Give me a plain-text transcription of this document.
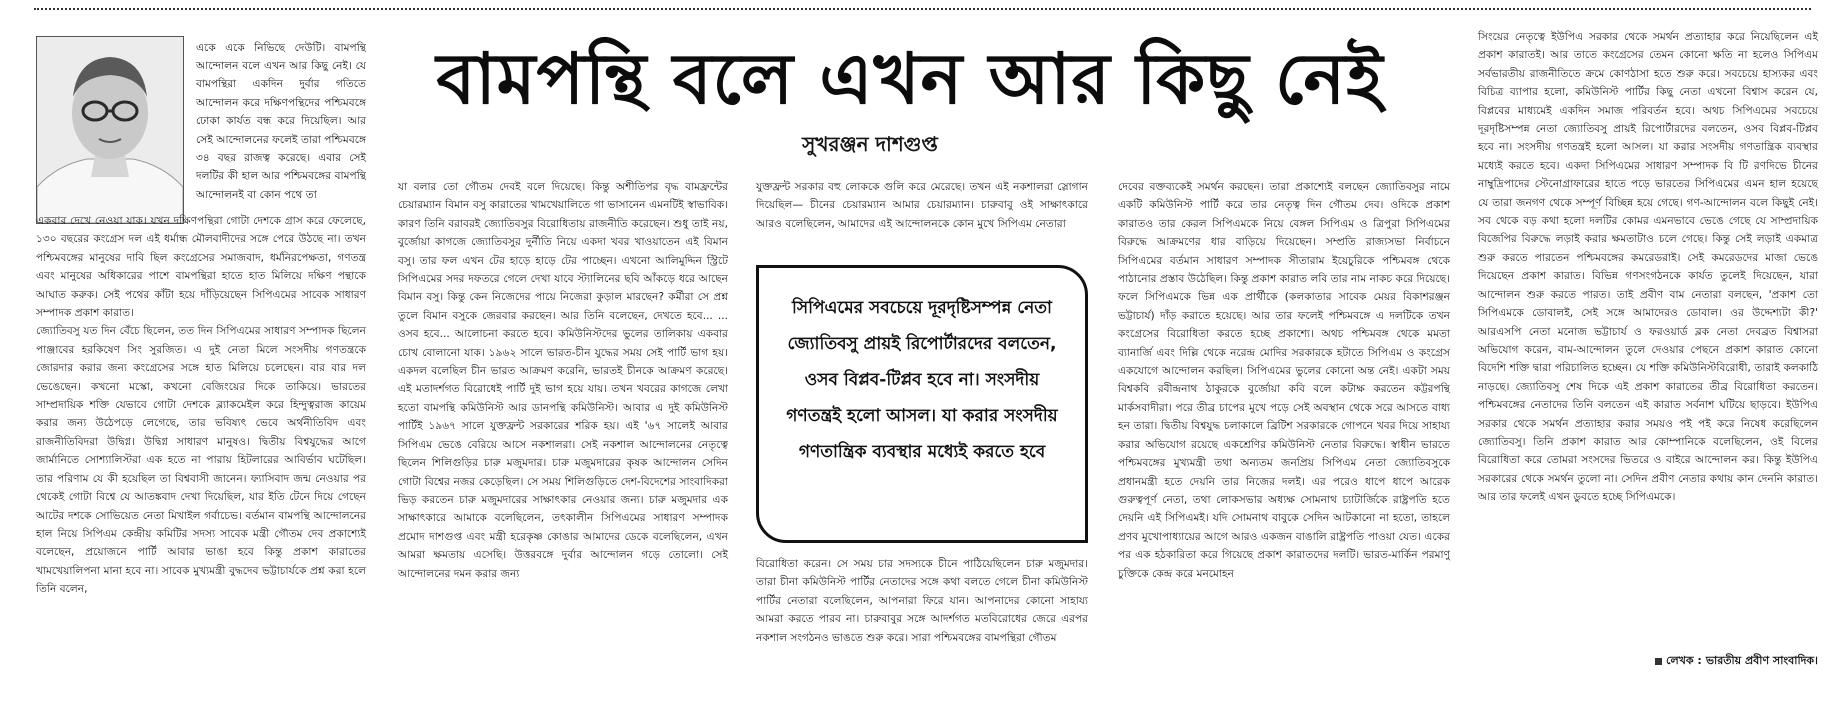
একে একে নিভিছে দেউটি। বামপন্থি আন্দোলন বলে এখন আর কিছু নেই। যে বামপন্থিরা একদিন দুর্বার গতিতে আন্দোলন করে দক্ষিণপন্থিদের পশ্চিমবঙ্গে ঢোকা কার্যত বন্ধ করে দিয়েছিল। আর সেই আন্দোলনের ফলেই তারা পশ্চিমবঙ্গে ৩৪ বছর রাজত্ব করেছে। এবার সেই দলটির কী হাল আর পশ্চিমবঙ্গের বামপন্থি আন্দোলনই বা কোন পথে তা

বামপন্থি বলে এখন আর কিছু নেই
সুখরঞ্জন দাশগুপ্ত

একবার দেখে নেওয়া যাক। যখন দক্ষিণপন্থিরা গোটা দেশকে গ্রাস করে ফেলেছে, ১৩০ বছরের কংগ্রেস দল এই ধর্মান্ধ মৌলবাদীদের সঙ্গে পেরে উঠছে না। তখন পশ্চিমবঙ্গের মানুষের দাবি ছিল কংগ্রেসের সমাজবাদ, ধর্মনিরপেক্ষতা, গণতন্ত্র এবং মানুষের অধিকারের পাশে বামপন্থিরা হাতে হাত মিলিয়ে দক্ষিণ পন্থাকে আঘাত করুক। সেই পথের কাঁটা হয়ে দাঁড়িয়েছেন সিপিএমের সাবেক সাধারণ সম্পাদক প্রকাশ কারাত।

জ্যোতিবসু যত দিন বেঁচে ছিলেন, তত দিন সিপিএমের সাধারণ সম্পাদক ছিলেন পাঞ্জাবের হরকিষেণ সিং সুরজিত। এ দুই নেতা মিলে সংসদীয় গণতন্ত্রকে জোরদার করার জন্য কংগ্রেসের সঙ্গে হাত মিলিয়ে চলেছেন। বার বার দল ভেঙেছেন। কখনো মস্কো, কখনো বেজিংয়ের দিকে তাকিয়ে। ভারতের সাম্প্রদায়িক শক্তি যেভাবে গোটা দেশকে ব্ল্যাকমেইল করে হিন্দুত্বরাজ কায়েম করার জন্য উঠেপড়ে লেগেছে, তার ভবিষ্যৎ ভেবে অর্থনীতিবিদ এবং রাজনীতিবিদরা উদ্বিগ্ন। উদ্বিগ্ন সাধারণ মানুষও। দ্বিতীয় বিশ্বযুদ্ধের আগে জার্মানিতে সোশ্যালিস্টরা এক হতে না পারায় হিটলারের আবির্ভাব ঘটেছিল। তার পরিণাম যে কী হয়েছিল তা বিশ্ববাসী জানেন। ফ্যাসিবাদ জন্ম নেওয়ার পর থেকেই গোটা বিশ্বে যে আতঙ্কবাদ দেখা দিয়েছিল, যার ইতি টেনে দিয়ে গেছেন আটের দশকে সোভিয়েত নেতা মিখাইল গর্বাচেভ। বর্তমান বামপন্থি আন্দোলনের হাল নিয়ে সিপিএম কেন্দ্রীয় কমিটির সদস্য সাবেক মন্ত্রী গৌতম দেব প্রকাশ্যেই বলেছেন, প্রয়োজনে পার্টি আবার ভাঙা হবে কিন্তু প্রকাশ কারাতের খামখেয়ালিপনা মানা হবে না। সাবেক মুখ্যমন্ত্রী বুদ্ধদেব ভট্টাচার্যকে প্রশ্ন করা হলে তিনি বলেন,

যা বলার তো গৌতম দেবই বলে দিয়েছে। কিন্তু অশীতিপর বৃদ্ধ বামফ্রন্টের চেয়ারম্যান বিমান বসু কারাতের খামখেয়ালিতে গা ভাসানেন এমনটিই স্বাভাবিক। কারণ তিনি বরাবরই জ্যোতিবসুর বিরোধিতায় রাজনীতি করেছেন। শুধু তাই নয়, বুর্জোয়া কাগজে জ্যোতিবসুর দুর্নীতি নিয়ে একদা খবর খাওয়াতেন এই বিমান বসু। তার ফল এখন টের হাড়ে হাড়ে টের পাচ্ছেন। এখনো আলিমুদ্দিন স্ট্রিটে সিপিএমের সদর দফতরে গেলে দেখা যাবে স্ট্যালিনের ছবি আঁকড়ে ধরে আছেন বিমান বসু। কিন্তু কেন নিজেদের পায়ে নিজেরা কুড়াল মারছেন? কর্মীরা সে প্রশ্ন তুলে বিমান বসুকে জেরবার করছেন। আর তিনি বলেছেন, দেখতে হবে... ... ওসব হবে... আলোচনা করতে হবে। কমিউনিস্টদের ভুলের তালিকায় একবার চোখ বোলানো যাক। ১৯৬২ সালে ভারত-চীন যুদ্ধের সময় সেই পার্টি ভাগ হয়। একদল বলেছিল চীন ভারত আক্রমণ করেনি, ভারতই চীনকে আক্রমণ করেছে। এই মতাদর্শগত বিরোধেই পার্টি দুই ভাগ হয়ে যায়। তখন খবরের কাগজে লেখা হতো বামপন্থি কমিউনিস্ট আর ডানপন্থি কমিউনিস্ট। আবার এ দুই কমিউনিস্ট পার্টিই ১৯৬৭ সালে যুক্তফ্রন্ট সরকারের শরিক হয়। এই '৬৭ সালেই আবার সিপিএম ভেঙে বেরিয়ে আসে নকশালরা। সেই নকশাল আন্দোলনের নেতৃত্বে ছিলেন শিলিগুড়ির চারু মজুমদার। চারু মজুমদারের কৃষক আন্দোলন সেদিন গোটা বিশ্বের নজর কেড়েছিল। সে সময় শিলিগুড়িতে দেশ-বিদেশের সাংবাদিকরা ভিড় করতেন চারু মজুমদারের সাক্ষাৎকার নেওয়ার জন্য। চারু মজুমদার এক সাক্ষাৎকারে আমাকে বলেছিলেন, তৎকালীন সিপিএমের সাধারণ সম্পাদক প্রমোদ দাশগুপ্ত এবং মন্ত্রী হরেকৃষ্ণ কোঙার আমাদের ডেকে বলেছিলেন, এখন আমরা ক্ষমতায় এসেছি। উত্তরবঙ্গে দুর্বার আন্দোলন গড়ে তোলো। সেই আন্দোলনের দমন করার জন্য

যুক্তফ্রন্ট সরকার বহু লোককে গুলি করে মেরেছে। তখন এই নকশালরা স্লোগান দিয়েছিল— চীনের চেয়ারম্যান আমার চেয়ারম্যান। চারুবাবু ওই সাক্ষাৎকারে আরও বলেছিলেন, আমাদের এই আন্দোলনকে কোন মুখে সিপিএম নেতারা

সিপিএমের সবচেয়ে দূরদৃষ্টিসম্পন্ন নেতা জ্যোতিবসু প্রায়ই রিপোর্টারদের বলতেন, ওসব বিপ্লব-টিপ্লব হবে না। সংসদীয় গণতন্ত্রই হলো আসল। যা করার সংসদীয় গণতান্ত্রিক ব্যবস্থার মধ্যেই করতে হবে

বিরোধিতা করেন। সে সময় চার সদস্যকে চীনে পাঠিয়েছিলেন চারু মজুমদার। তারা চীনা কমিউনিস্ট পার্টির নেতাদের সঙ্গে কথা বলতে গেলে চীনা কমিউনিস্ট পার্টির নেতারা বলেছিলেন, আপনারা ফিরে যান। আপনাদের কোনো সাহায্য আমরা করতে পারব না। চারুবাবুর সঙ্গে আদর্শগত মতবিরোধের জেরে এরপর নকশাল সংগঠনও ভাঙতে শুরু করে। সারা পশ্চিমবঙ্গের বামপন্থিরা গৌতম

দেবের বক্তব্যকেই সমর্থন করছেন। তারা প্রকাশ্যেই বলছেন জ্যোতিবসুর নামে একটি কমিউনিস্ট পার্টি করে তার নেতৃত্ব দিন গৌতম দেব। ওদিকে প্রকাশ কারাতও তার কেরল সিপিএমকে নিয়ে বেঙ্গল সিপিএম ও ত্রিপুরা সিপিএমের বিরুদ্ধে আক্রমণের ধার বাড়িয়ে দিয়েছেন। সম্প্রতি রাজ্যসভা নির্বাচনে সিপিএমের বর্তমান সাধারণ সম্পাদক সীতারাম ইয়েচুরিকে পশ্চিমবঙ্গ থেকে পাঠানোর প্রস্তাব উঠেছিল। কিন্তু প্রকাশ কারাত লবি তার নাম নাকচ করে দিয়েছে। ফলে সিপিএমকে ভিন্ন এক প্রার্থীকে (কলকাতার সাবেক মেয়র বিকাশরঞ্জন ভট্টাচার্য) দাঁড় করাতে হয়েছে। আর তার ফলেই পশ্চিমবঙ্গে এ দলটিকে তখন কংগ্রেসের বিরোধিতা করতে হচ্ছে প্রকাশ্যে। অথচ পশ্চিমবঙ্গ থেকে মমতা ব্যানার্জি এবং দিল্লি থেকে নরেন্দ্র মোদির সরকারকে হটাতে সিপিএম ও কংগ্রেস একযোগে আন্দোলন করছিল। সিপিএমের ভুলের কোনো অন্ত নেই। একটা সময় বিশ্বকবি রবীন্দ্রনাথ ঠাকুরকে বুর্জোয়া কবি বলে কটাক্ষ করতেন কট্টরপন্থি মার্কসবাদীরা। পরে তীব্র চাপের মুখে পড়ে সেই অবস্থান থেকে সরে আসতে বাধ্য হন তারা। দ্বিতীয় বিশ্বযুদ্ধ চলাকালে ব্রিটিশ সরকারকে গোপনে খবর দিয়ে সাহায্য করার অভিযোগ রয়েছে একশ্রেণির কমিউনিস্ট নেতার বিরুদ্ধে। স্বাধীন ভারতে পশ্চিমবঙ্গের মুখ্যমন্ত্রী তথা অন্যতম জনপ্রিয় সিপিএম নেতা জ্যোতিবসুকে প্রধানমন্ত্রী হতে দেয়নি তার নিজের দলই। এর পরেও ধাপে ধাপে আরেক গুরুত্বপূর্ণ নেতা, তথা লোকসভার অধ্যক্ষ সোমনাথ চ্যাটার্জিকে রাষ্ট্রপতি হতে দেয়নি এই সিপিএমই। যদি সোমনাথ বাবুকে সেদিন আটকানো না হতো, তাহলে প্রণব মুখোপাধ্যায়ের আগে আরও একজন বাঙালি রাষ্ট্রপতি পাওয়া যেত। একের পর এক হঠকারিতা করে গিয়েছে প্রকাশ কারাতদের দলটি। ভারত-মার্কিন পরমাণু চুক্তিকে কেন্দ্র করে মনমোহন

সিংয়ের নেতৃত্বে ইউপিএ সরকার থেকে সমর্থন প্রত্যাহার করে নিয়েছিলেন এই প্রকাশ কারাতই। আর তাতে কংগ্রেসের তেমন কোনো ক্ষতি না হলেও সিপিএম সর্বভারতীয় রাজনীতিতে ক্রমে কোণঠাসা হতে শুরু করে। সবচেয়ে হাস্যকর এবং বিচিত্র ব্যাপার হলো, কমিউনিস্ট পার্টির কিছু নেতা এখনো বিশ্বাস করেন যে, বিপ্লবের মাধ্যমেই একদিন সমাজ পরিবর্তন হবে। অথচ সিপিএমের সবচেয়ে দূরদৃষ্টিসম্পন্ন নেতা জ্যোতিবসু প্রায়ই রিপোর্টারদের বলতেন, ওসব বিপ্লব-টিপ্লব হবে না। সংসদীয় গণতন্ত্রই হলো আসল। যা করার সংসদীয় গণতান্ত্রিক ব্যবস্থার মধ্যেই করতে হবে। একদা সিপিএমের সাধারণ সম্পাদক বি টি রণদিভে চীনের নাম্বুদ্রিপাদের স্টেনোগ্রাফারের হাতে পড়ে ভারতের সিপিএমের এমন হাল হয়েছে যে তারা জনগণ থেকে সম্পূর্ণ বিচ্ছিন্ন হয়ে গেছে। গণ-আন্দোলন বলে কিছুই নেই। সব থেকে বড় কথা হলো দলটির কোমর এমনভাবে ভেঙে গেছে যে সাম্প্রদায়িক বিজেপির বিরুদ্ধে লড়াই করার ক্ষমতাটাও চলে গেছে। কিন্তু সেই লড়াই একমাত্র শুরু করতে পারতেন পশ্চিমবঙ্গের কমরেডরাই। সেই কমরেডদের মাজা ভেঙে দিয়েছেন প্রকাশ কারাত। বিভিন্ন গণসংগঠনকে কার্যত তুলেই দিয়েছেন, যারা আন্দোলন শুরু করতে পারত। তাই প্রবীণ বাম নেতারা বলছেন, 'প্রকাশ তো সিপিএমকে ডোবালই, সেই সঙ্গে আমাদেরও ডোবাল। ওর উদ্দেশ্যটা কী?' আরএসপি নেতা মনোজ ভট্টাচার্য ও ফরওয়ার্ড ব্লক নেতা দেবব্রত বিশ্বাসরা অভিযোগ করেন, বাম-আন্দোলন তুলে দেওয়ার পেছনে প্রকাশ কারাত কোনো বিদেশি শক্তি দ্বারা পরিচালিত হচ্ছেন। যে শক্তি কমিউনিস্টবিরোধী, তারাই কলকাঠি নাড়ছে। জ্যোতিবসু শেষ দিকে এই প্রকাশ কারাতের তীব্র বিরোধিতা করতেন। পশ্চিমবঙ্গের নেতাদের তিনি বলতেন এই কারাত সর্বনাশ ঘটিয়ে ছাড়বে। ইউপিএ সরকার থেকে সমর্থন প্রত্যাহার করার সময়ও পই পই করে নিষেধ করেছিলেন জ্যোতিবসু। তিনি প্রকাশ কারাত আর কোম্পানিকে বলেছিলেন, ওই বিলের বিরোধিতা করে তোমরা সংসদের ভিতরে ও বাইরে আন্দোলন কর। কিন্তু ইউপিএ সরকারের থেকে সমর্থন তুলো না। সেদিন প্রবীণ নেতার কথায় কান দেননি কারাত। আর তার ফলেই এখন ডুবতে হচ্ছে সিপিএমকে।

লেখক : ভারতীয় প্রবীণ সাংবাদিক।
